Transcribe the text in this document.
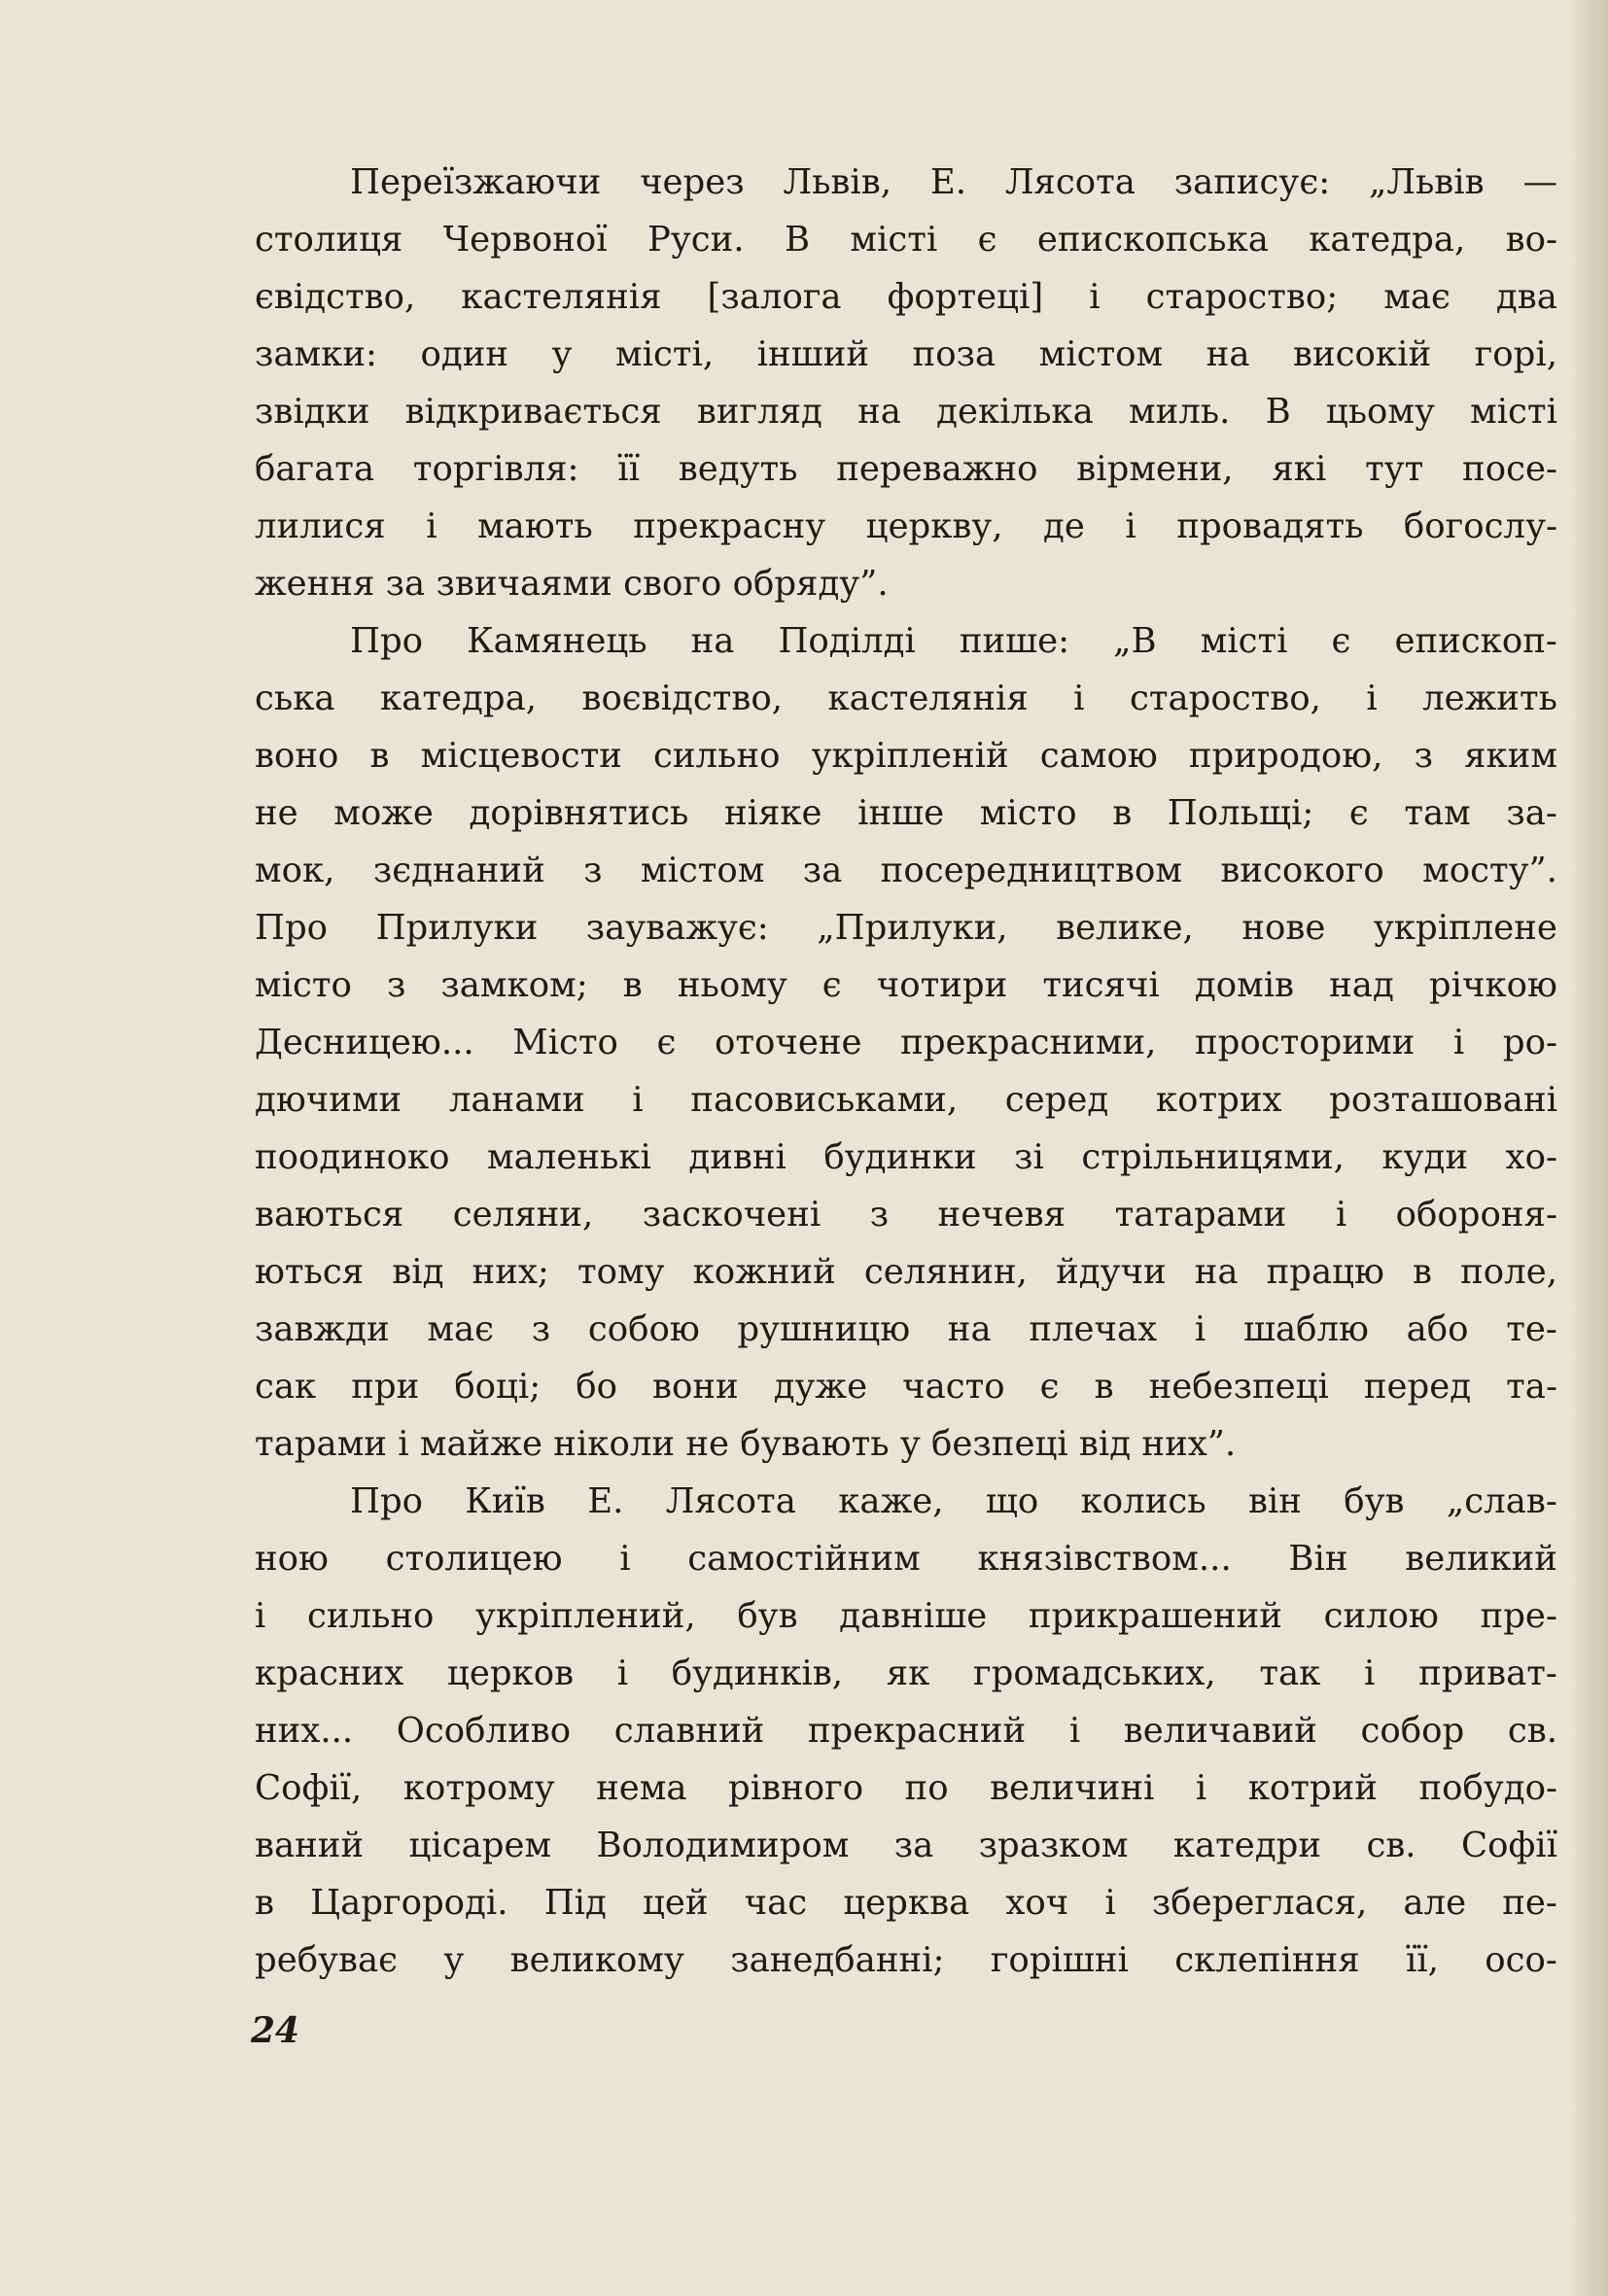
Переїзжаючи через Львів, Е. Лясота записує: „Львів —
столиця Червоної Руси. В місті є епископська катедра, во-
євідство, кастелянія [залога фортеці] і староство; має два
замки: один у місті, інший поза містом на високій горі,
звідки відкривається вигляд на декілька миль. В цьому місті
багата торгівля: її ведуть переважно вірмени, які тут посе-
лилися і мають прекрасну церкву, де і провадять богослу-
ження за звичаями свого обряду”.
Про Камянець на Поділді пише: „В місті є епископ-
ська катедра, воєвідство, кастелянія і староство, і лежить
воно в місцевости сильно укріпленій самою природою, з яким
не може дорівнятись ніяке інше місто в Польщі; є там за-
мок, зєднаний з містом за посередництвом високого мосту”.
Про Прилуки зауважує: „Прилуки, велике, нове укріплене
місто з замком; в ньому є чотири тисячі домів над річкою
Десницею... Місто є оточене прекрасними, просторими і ро-
дючими ланами і пасовиськами, серед котрих розташовані
поодиноко маленькі дивні будинки зі стрільницями, куди хо-
ваються селяни, заскочені з нечевя татарами і обороня-
ються від них; тому кожний селянин, йдучи на працю в поле,
завжди має з собою рушницю на плечах і шаблю або те-
сак при боці; бо вони дуже часто є в небезпеці перед та-
тарами і майже ніколи не бувають у безпеці від них”.
Про Київ Е. Лясота каже, що колись він був „слав-
ною столицею і самостійним князівством... Він великий
і сильно укріплений, був давніше прикрашений силою пре-
красних церков і будинків, як громадських, так і приват-
них... Особливо славний прекрасний і величавий собор св.
Софії, котрому нема рівного по величині і котрий побудо-
ваний цісарем Володимиром за зразком катедри св. Софії
в Царгороді. Під цей час церква хоч і збереглася, але пе-
ребуває у великому занедбанні; горішні склепіння її, осо-
24
